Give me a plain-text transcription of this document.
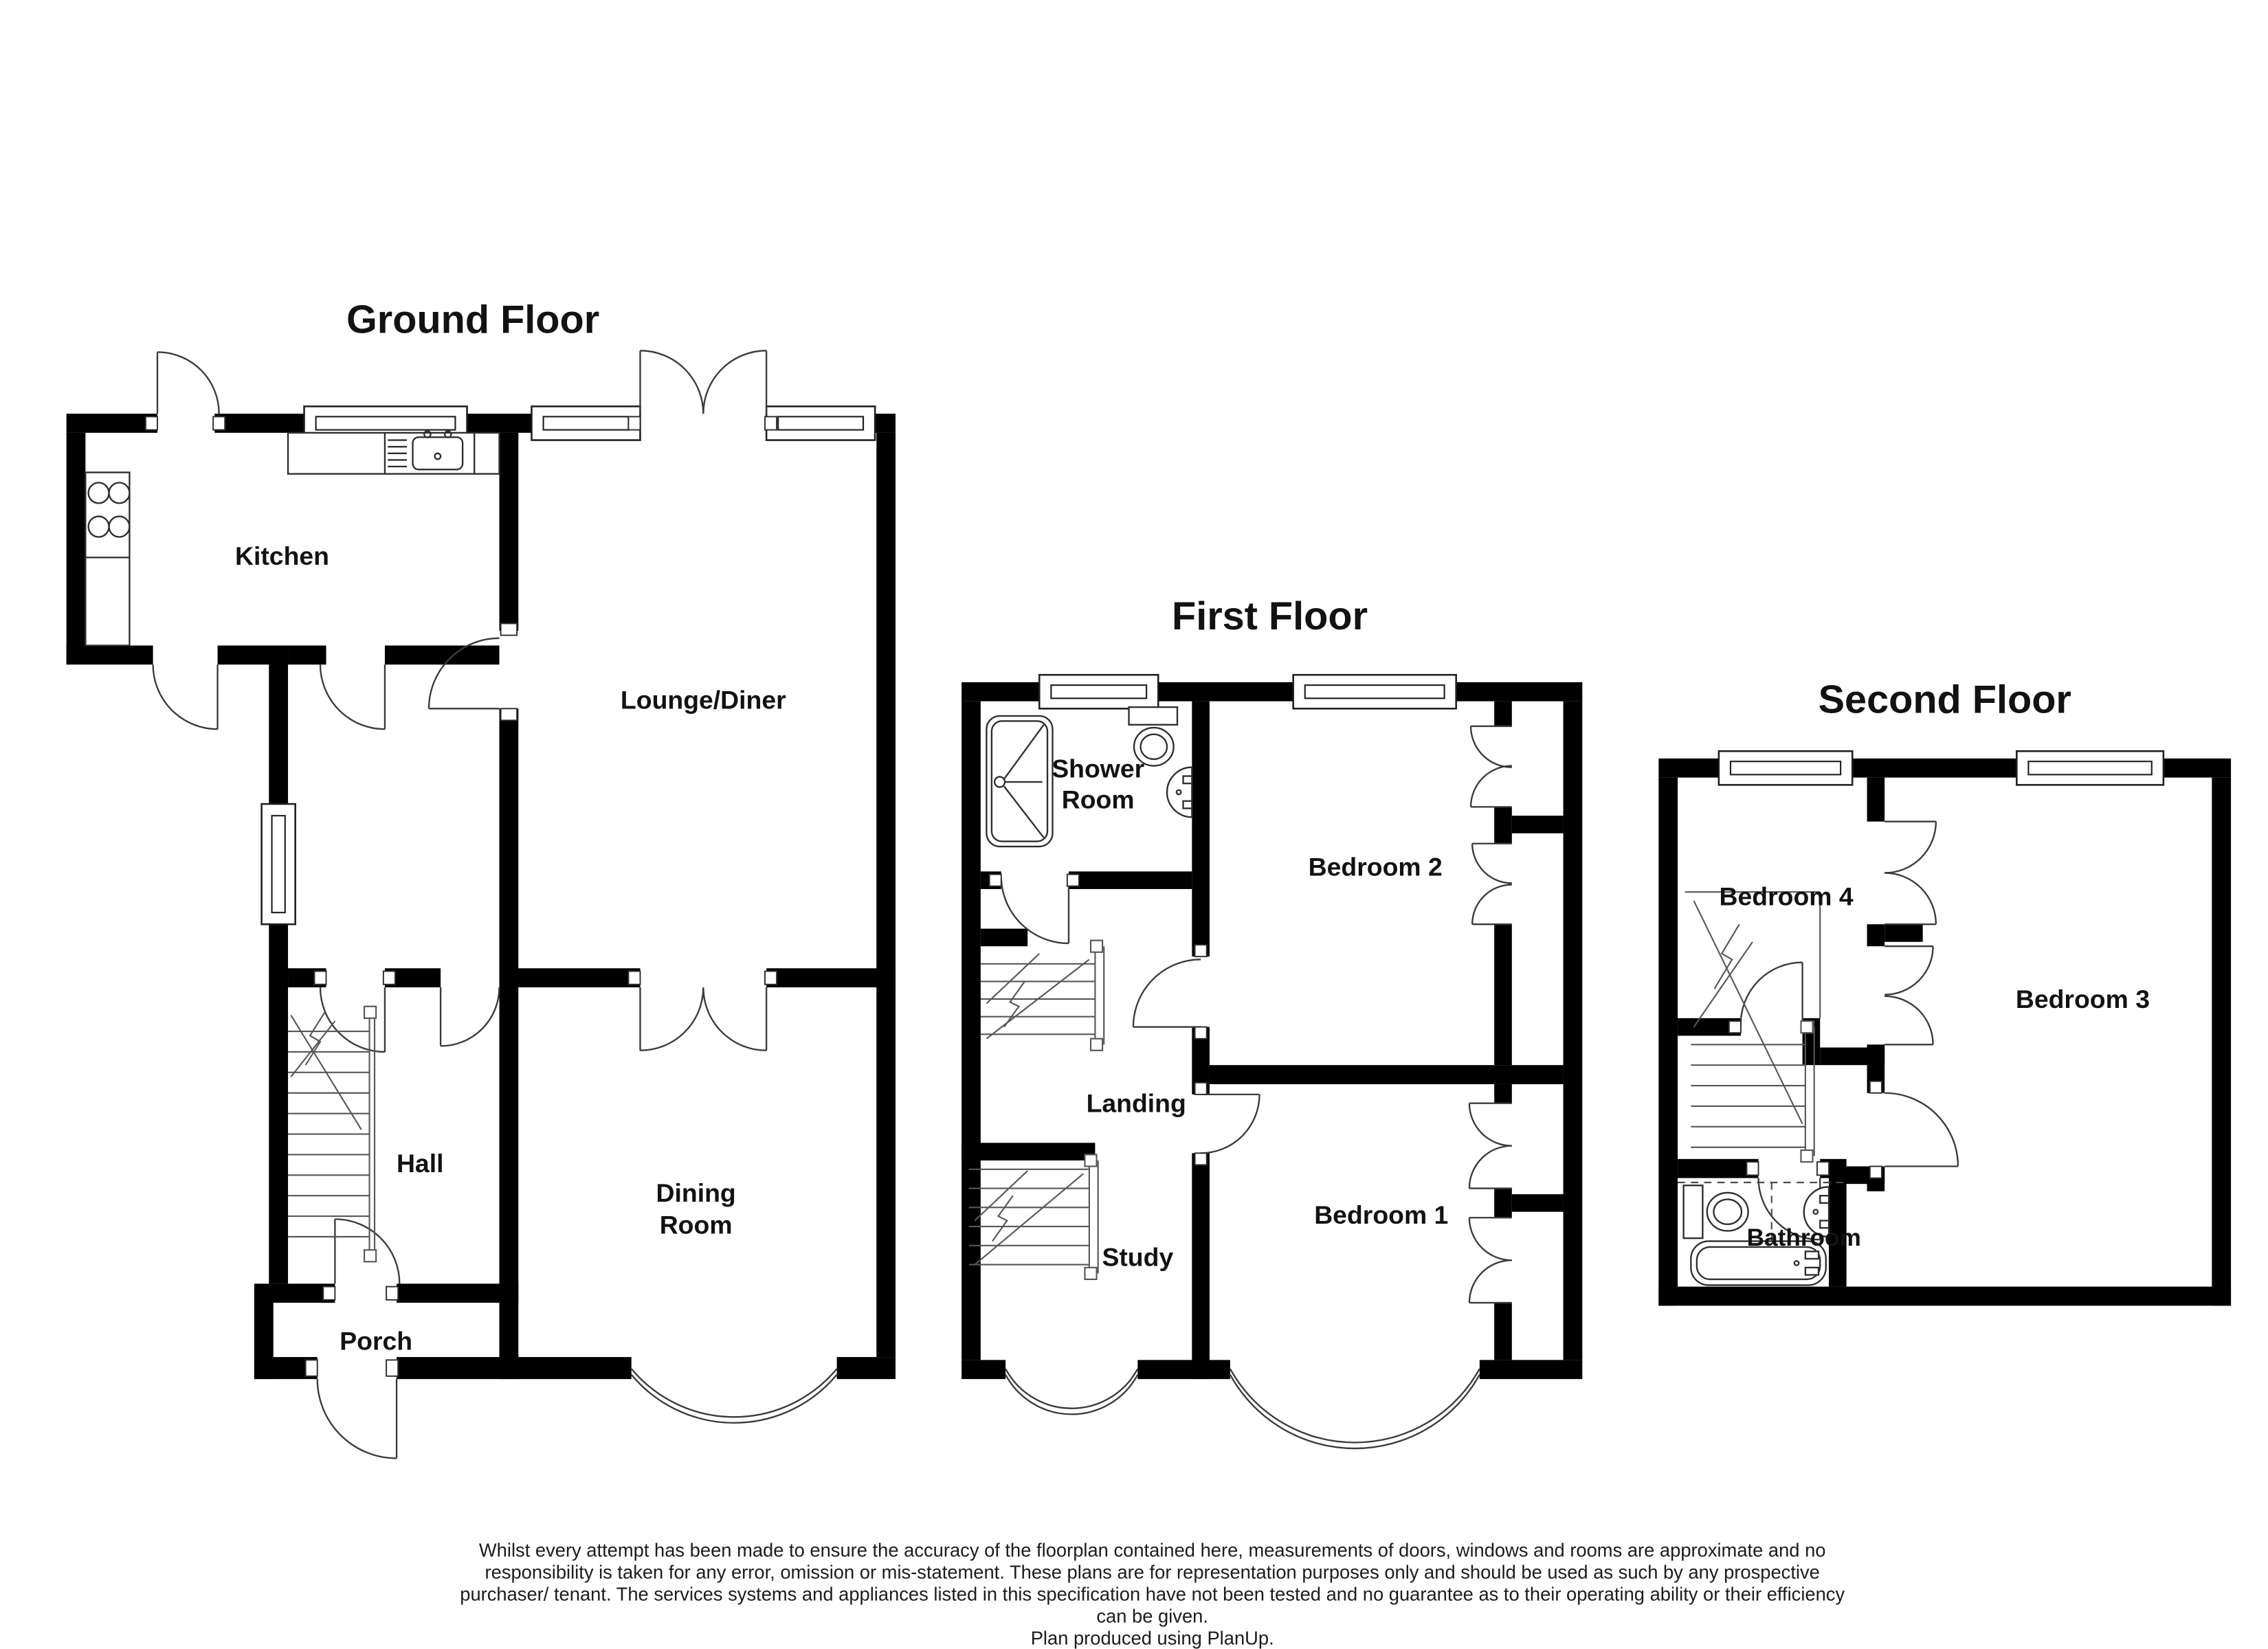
Ground Floor
Kitchen
Lounge/Diner
Hall
Dining
Room
Porch
First Floor
Shower
Room
Bedroom 2
Landing
Study
Bedroom 1
Second Floor
Bedroom 4
Bedroom 3
Bathroom
Whilst every attempt has been made to ensure the accuracy of the floorplan contained here, measurements of doors, windows and rooms are approximate and no
responsibility is taken for any error, omission or mis-statement. These plans are for representation purposes only and should be used as such by any prospective
purchaser/ tenant. The services systems and appliances listed in this specification have not been tested and no guarantee as to their operating ability or their efficiency
can be given.
Plan produced using PlanUp.
